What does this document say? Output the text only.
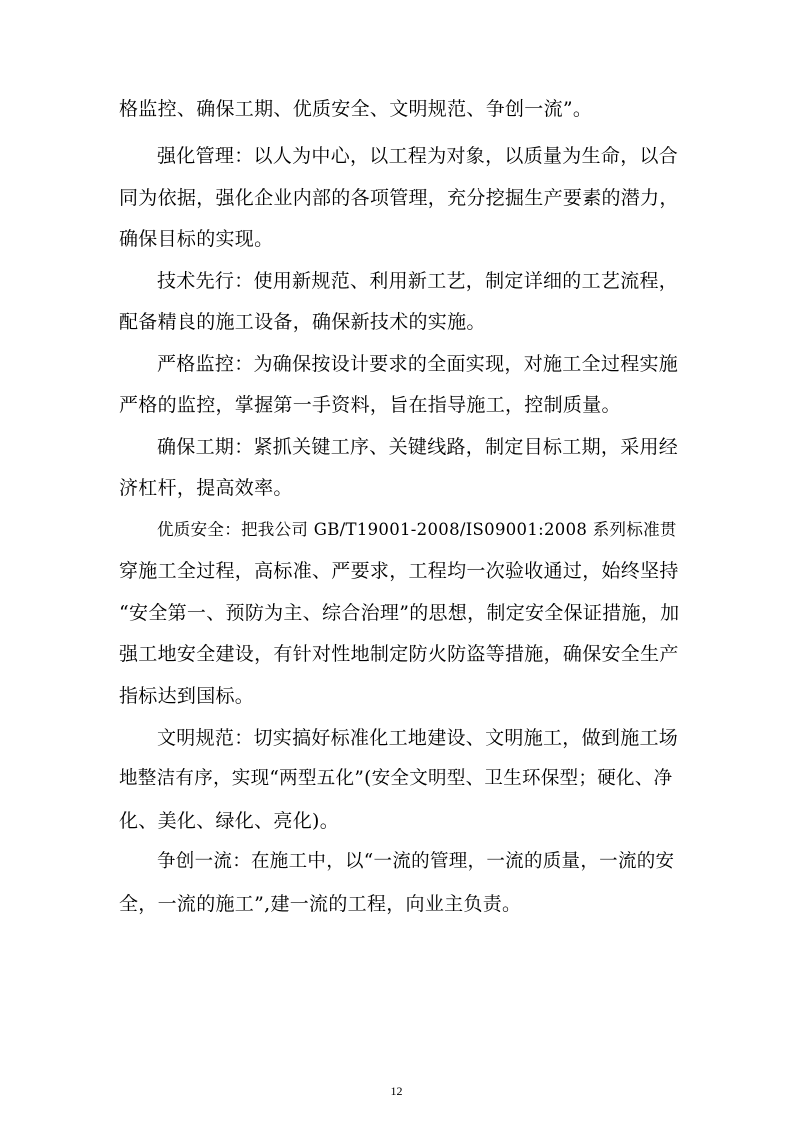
格监控、确保工期、优质安全、文明规范、争创一流”。
强化管理：以人为中心，以工程为对象，以质量为生命，以合
同为依据，强化企业内部的各项管理，充分挖掘生产要素的潜力，
确保目标的实现。
技术先行：使用新规范、利用新工艺，制定详细的工艺流程，
配备精良的施工设备，确保新技术的实施。
严格监控：为确保按设计要求的全面实现，对施工全过程实施
严格的监控，掌握第一手资料，旨在指导施工，控制质量。
确保工期：紧抓关键工序、关键线路，制定目标工期，采用经
济杠杆，提高效率。
优质安全：把我公司 GB/T19001-2008/IS09001:2008 系列标准贯
穿施工全过程，高标准、严要求，工程均一次验收通过，始终坚持
“安全第一、预防为主、综合治理”的思想，制定安全保证措施，加
强工地安全建设，有针对性地制定防火防盗等措施，确保安全生产
指标达到国标。
文明规范：切实搞好标准化工地建设、文明施工，做到施工场
地整洁有序，实现“两型五化”(安全文明型、卫生环保型；硬化、净
化、美化、绿化、亮化)。
争创一流：在施工中，以“一流的管理，一流的质量，一流的安
全，一流的施工”,建一流的工程，向业主负责。
12
